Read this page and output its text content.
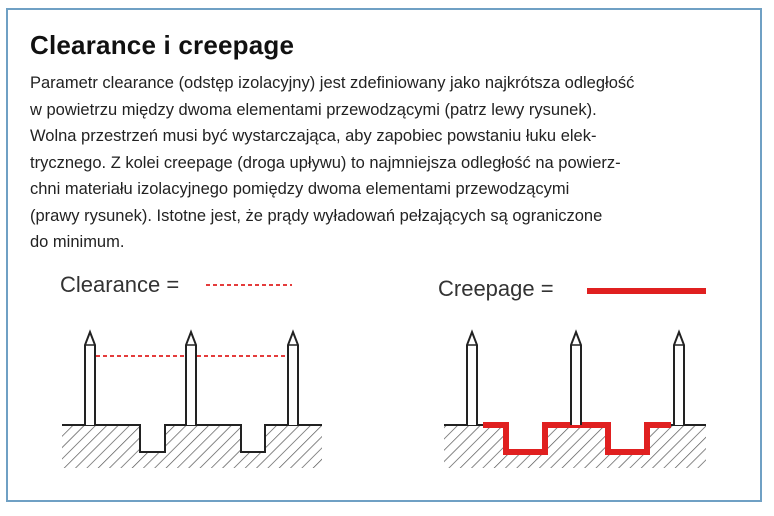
Clearance i creepage
Parametr clearance (odstęp izolacyjny) jest zdefiniowany jako najkrótsza odległość
w powietrzu między dwoma elementami przewodzącymi (patrz lewy rysunek).
Wolna przestrzeń musi być wystarczająca, aby zapobiec powstaniu łuku elek-
trycznego. Z kolei creepage (droga upływu) to najmniejsza odległość na powierz-
chni materiału izolacyjnego pomiędzy dwoma elementami przewodzącymi
(prawy rysunek). Istotne jest, że prądy wyładowań pełzających są ograniczone
do minimum.
Clearance =	Creepage =
